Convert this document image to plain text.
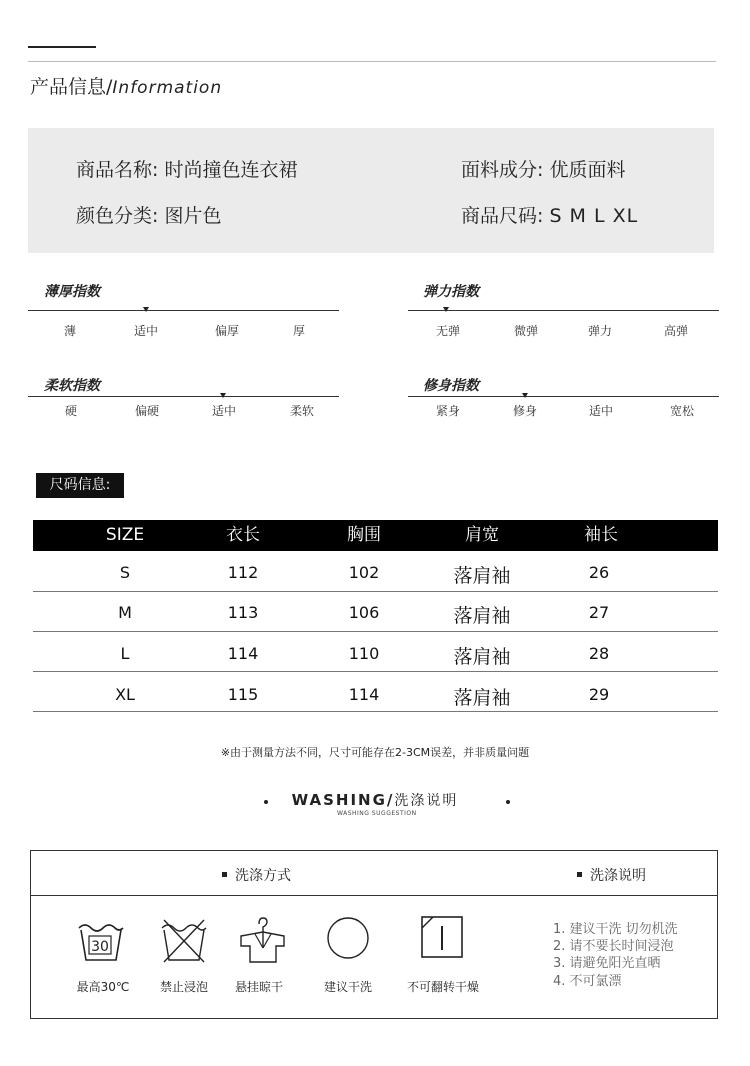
产品信息/Information
商品名称: 时尚撞色连衣裙	面料成分: 优质面料
颜色分类: 图片色	商品尺码: S M L XL
薄厚指数
薄	适中	偏厚	厚
弹力指数
无弹	微弹	弹力	高弹
柔软指数
硬	偏硬	适中	柔软
修身指数
紧身	修身	适中	宽松
尺码信息:
SIZE	衣长	胸围	肩宽	袖长
S	112	102	落肩袖	26
M	113	106	落肩袖	27
L	114	110	落肩袖	28
XL	115	114	落肩袖	29
※由于测量方法不同，尺寸可能存在2-3CM误差，并非质量问题
WASHING/洗涤说明
WASHING SUGGESTION
洗涤方式	洗涤说明
30
最高30℃	禁止浸泡 悬挂晾干	建议干洗	不可翻转干燥
1. 建议干洗 切勿机洗
2. 请不要长时间浸泡
3. 请避免阳光直晒
4. 不可氯漂
